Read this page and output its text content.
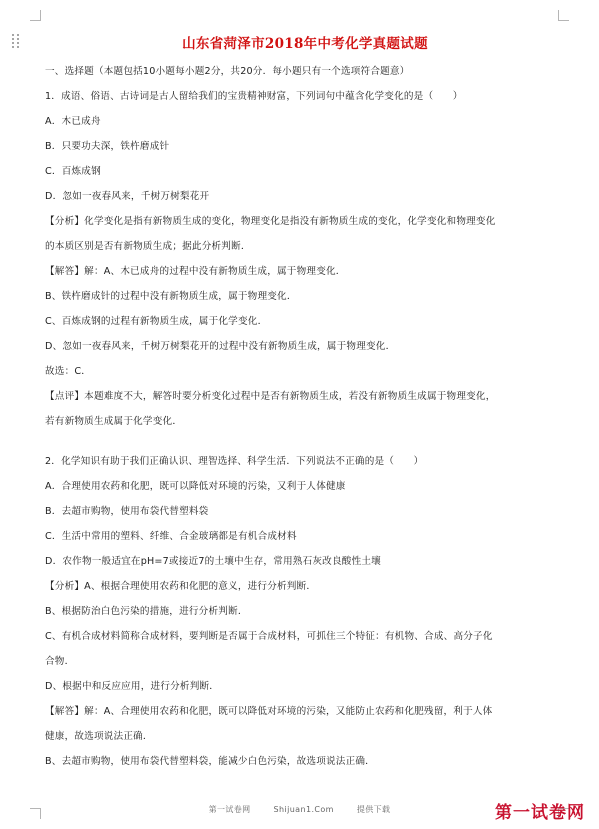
山东省菏泽市2018年中考化学真题试题

一、选择题（本题包括10小题每小题2分，共20分．每小题只有一个选项符合题意）

1．成语、俗语、古诗词是古人留给我们的宝贵精神财富，下列词句中蕴含化学变化的是（　　）

A．木已成舟

B．只要功夫深，铁杵磨成针

C．百炼成钢

D．忽如一夜春风来，千树万树梨花开

【分析】化学变化是指有新物质生成的变化，物理变化是指没有新物质生成的变化，化学变化和物理变化

的本质区别是否有新物质生成；据此分析判断．

【解答】解：A、木已成舟的过程中没有新物质生成，属于物理变化．

B、铁杵磨成针的过程中没有新物质生成，属于物理变化．

C、百炼成钢的过程有新物质生成，属于化学变化．

D、忽如一夜春风来，千树万树梨花开的过程中没有新物质生成，属于物理变化．

故选：C．

【点评】本题难度不大，解答时要分析变化过程中是否有新物质生成，若没有新物质生成属于物理变化，

若有新物质生成属于化学变化．

2．化学知识有助于我们正确认识、理智选择、科学生活．下列说法不正确的是（　　）

A．合理使用农药和化肥，既可以降低对环境的污染，又利于人体健康

B．去超市购物，使用布袋代替塑料袋

C．生活中常用的塑料、纤维、合金玻璃都是有机合成材料

D．农作物一般适宜在pH=7或接近7的土壤中生存，常用熟石灰改良酸性土壤

【分析】A、根据合理使用农药和化肥的意义，进行分析判断．

B、根据防治白色污染的措施，进行分析判断．

C、有机合成材料简称合成材料，要判断是否属于合成材料，可抓住三个特征：有机物、合成、高分子化

合物．

D、根据中和反应应用，进行分析判断．

【解答】解：A、合理使用农药和化肥，既可以降低对环境的污染，又能防止农药和化肥残留，利于人体

健康，故选项说法正确．

B、去超市购物，使用布袋代替塑料袋，能减少白色污染，故选项说法正确．

第一试卷网	Shijuan1.Com	提供下载	第一试卷网
